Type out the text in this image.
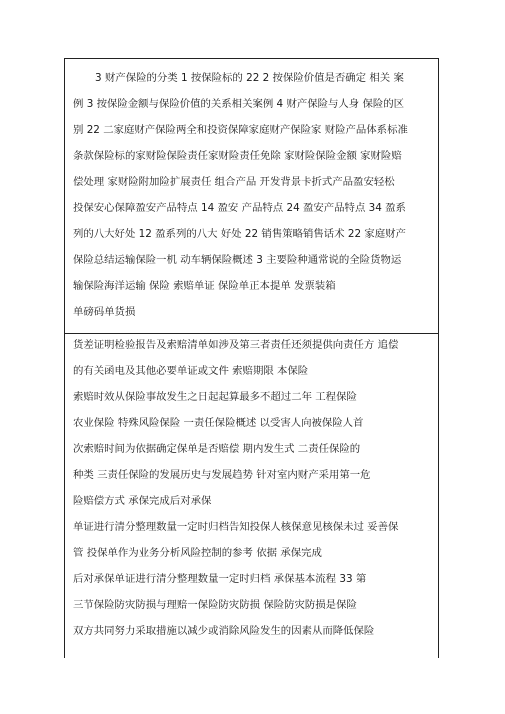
3 财产保险的分类 1 按保险标的 22 2 按保险价值是否确定 相关 案
例 3 按保险金额与保险价值的关系相关案例 4 财产保险与人身 保险的区
别 22 二家庭财产保险两全和投资保障家庭财产保险家 财险产品体系标准
条款保险标的家财险保险责任家财险责任免除 家财险保险金额 家财险赔
偿处理 家财险附加险扩展责任 组合产品 开发背景卡折式产品盈安轻松
投保安心保障盈安产品特点 14 盈安 产品特点 24 盈安产品特点 34 盈系
列的八大好处 12 盈系列的八大 好处 22 销售策略销售话术 22 家庭财产
保险总结运输保险一机 动车辆保险概述 3 主要险种通常说的全险货物运
输保险海洋运输 保险 索赔单证 保险单正本提单 发票装箱
单磅码单货损
货差证明检验报告及索赔清单如涉及第三者责任还须提供向责任方 追偿
的有关函电及其他必要单证或文件 索赔期限 本保险
索赔时效从保险事故发生之日起起算最多不超过二年 工程保险
农业保险 特殊风险保险 一责任保险概述 以受害人向被保险人首
次索赔时间为依据确定保单是否赔偿 期内发生式 二责任保险的
种类 三责任保险的发展历史与发展趋势 针对室内财产采用第一危
险赔偿方式 承保完成后对承保
单证进行清分整理数量一定时归档告知投保人核保意见核保未过 妥善保
管 投保单作为业务分析风险控制的参考 依据 承保完成
后对承保单证进行清分整理数量一定时归档 承保基本流程 33 第
三节保险防灾防损与理赔一保险防灾防损 保险防灾防损是保险
双方共同努力采取措施以减少或消除风险发生的因素从而降低保险
